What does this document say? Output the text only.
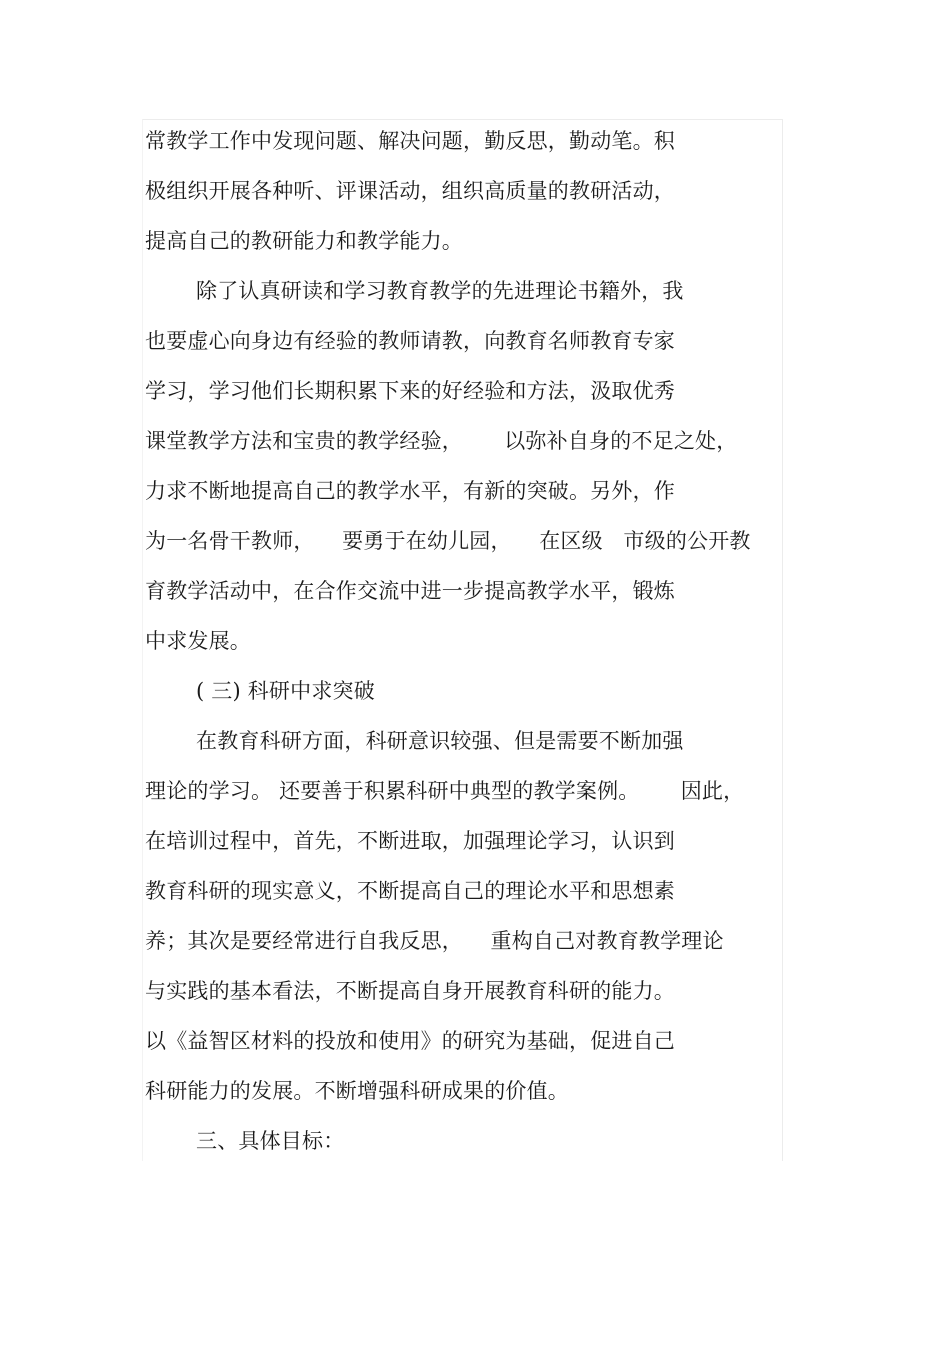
常教学工作中发现问题、解决问题，勤反思，勤动笔。积
极组织开展各种听、评课活动，组织高质量的教研活动，
提高自己的教研能力和教学能力。
除了认真研读和学习教育教学的先进理论书籍外，我
也要虚心向身边有经验的教师请教，向教育名师教育专家
学习，学习他们长期积累下来的好经验和方法，汲取优秀
课堂教学方法和宝贵的教学经验，      以弥补自身的不足之处，
力求不断地提高自己的教学水平，有新的突破。另外，作
为一名骨干教师，    要勇于在幼儿园，    在区级   市级的公开教
育教学活动中，在合作交流中进一步提高教学水平，锻炼
中求发展。
( 三) 科研中求突破
在教育科研方面，科研意识较强、但是需要不断加强
理论的学习。 还要善于积累科研中典型的教学案例。      因此，
在培训过程中，首先，不断进取，加强理论学习，认识到
教育科研的现实意义，不断提高自己的理论水平和思想素
养；其次是要经常进行自我反思，    重构自己对教育教学理论
与实践的基本看法，不断提高自身开展教育科研的能力。
以《益智区材料的投放和使用》的研究为基础，促进自己
科研能力的发展。不断增强科研成果的价值。
三、具体目标：
